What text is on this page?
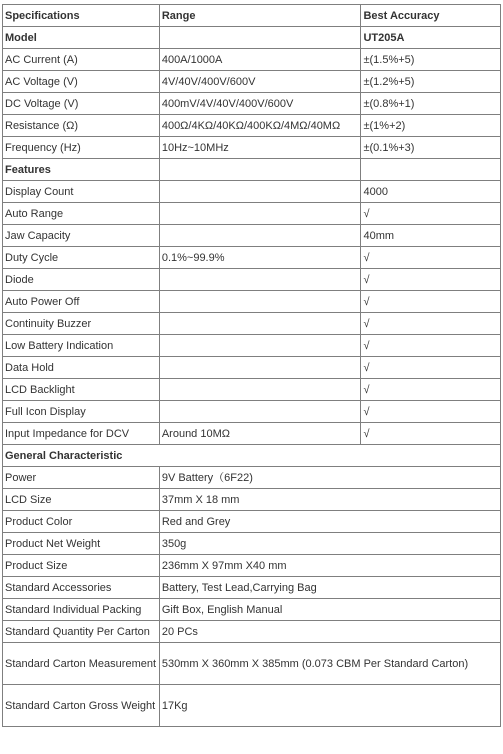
Specifications	Range	Best Accuracy
Model		UT205A
AC Current (A)	400A/1000A	±(1.5%+5)
AC Voltage (V)	4V/40V/400V/600V	±(1.2%+5)
DC Voltage (V)	400mV/4V/40V/400V/600V	±(0.8%+1)
Resistance (Ω)	400Ω/4KΩ/40KΩ/400KΩ/4MΩ/40MΩ	±(1%+2)
Frequency (Hz)	10Hz~10MHz	±(0.1%+3)
Features		
Display Count		4000
Auto Range		√
Jaw Capacity		40mm
Duty Cycle	0.1%~99.9%	√
Diode		√
Auto Power Off		√
Continuity Buzzer		√
Low Battery Indication		√
Data Hold		√
LCD Backlight		√
Full Icon Display		√
Input Impedance for DCV	Around 10MΩ	√
General Characteristic		
Power	9V Battery（6F22)	
LCD Size	37mm X 18 mm	
Product Color	Red and Grey	
Product Net Weight	350g	
Product Size	236mm X 97mm X40 mm	
Standard Accessories	Battery, Test Lead,Carrying Bag	
Standard Individual Packing	Gift Box, English Manual	
Standard Quantity Per Carton	20 PCs	
Standard Carton Measurement	530mm X 360mm X 385mm (0.073 CBM Per Standard Carton)	
Standard Carton Gross Weight	17Kg	
